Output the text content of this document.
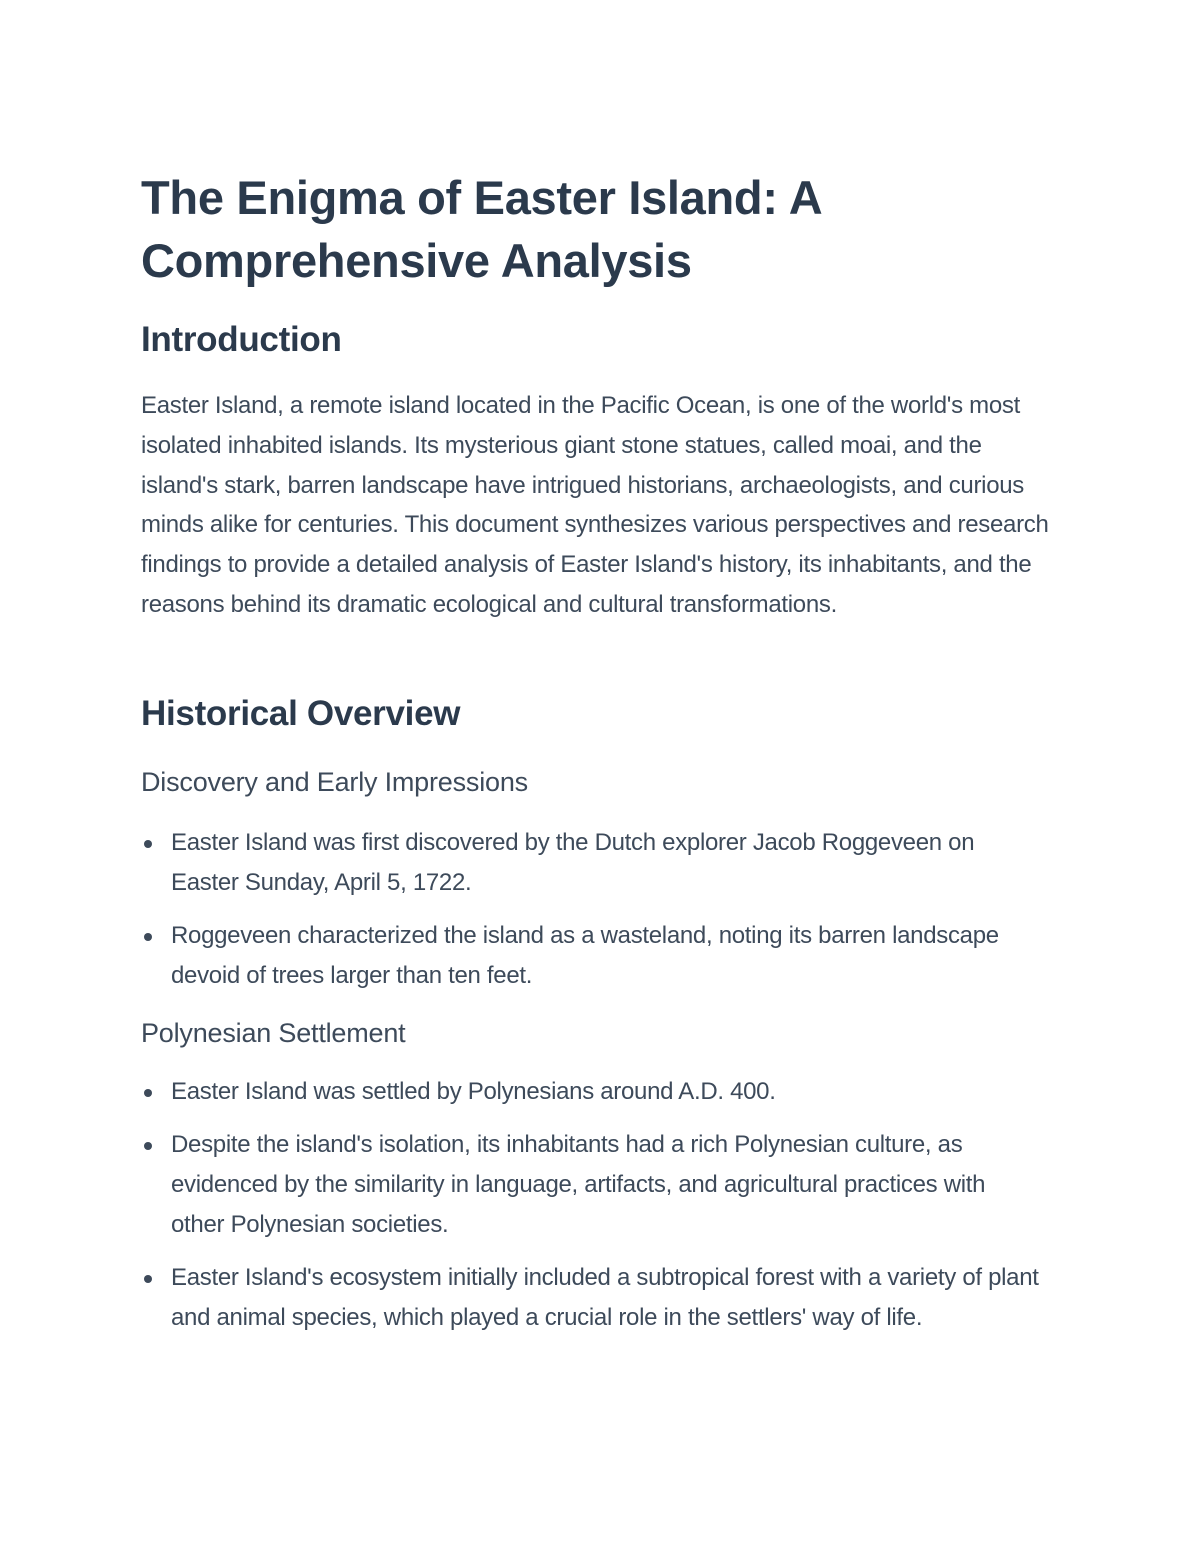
The Enigma of Easter Island: A Comprehensive Analysis
Introduction

Easter Island, a remote island located in the Pacific Ocean, is one of the world's most isolated inhabited islands. Its mysterious giant stone statues, called moai, and the island's stark, barren landscape have intrigued historians, archaeologists, and curious minds alike for centuries. This document synthesizes various perspectives and research findings to provide a detailed analysis of Easter Island's history, its inhabitants, and the reasons behind its dramatic ecological and cultural transformations.

Historical Overview
Discovery and Early Impressions
Easter Island was first discovered by the Dutch explorer Jacob Roggeveen on Easter Sunday, April 5, 1722.
Roggeveen characterized the island as a wasteland, noting its barren landscape devoid of trees larger than ten feet.
Polynesian Settlement
Easter Island was settled by Polynesians around A.D. 400.
Despite the island's isolation, its inhabitants had a rich Polynesian culture, as evidenced by the similarity in language, artifacts, and agricultural practices with other Polynesian societies.
Easter Island's ecosystem initially included a subtropical forest with a variety of plant and animal species, which played a crucial role in the settlers' way of life.
